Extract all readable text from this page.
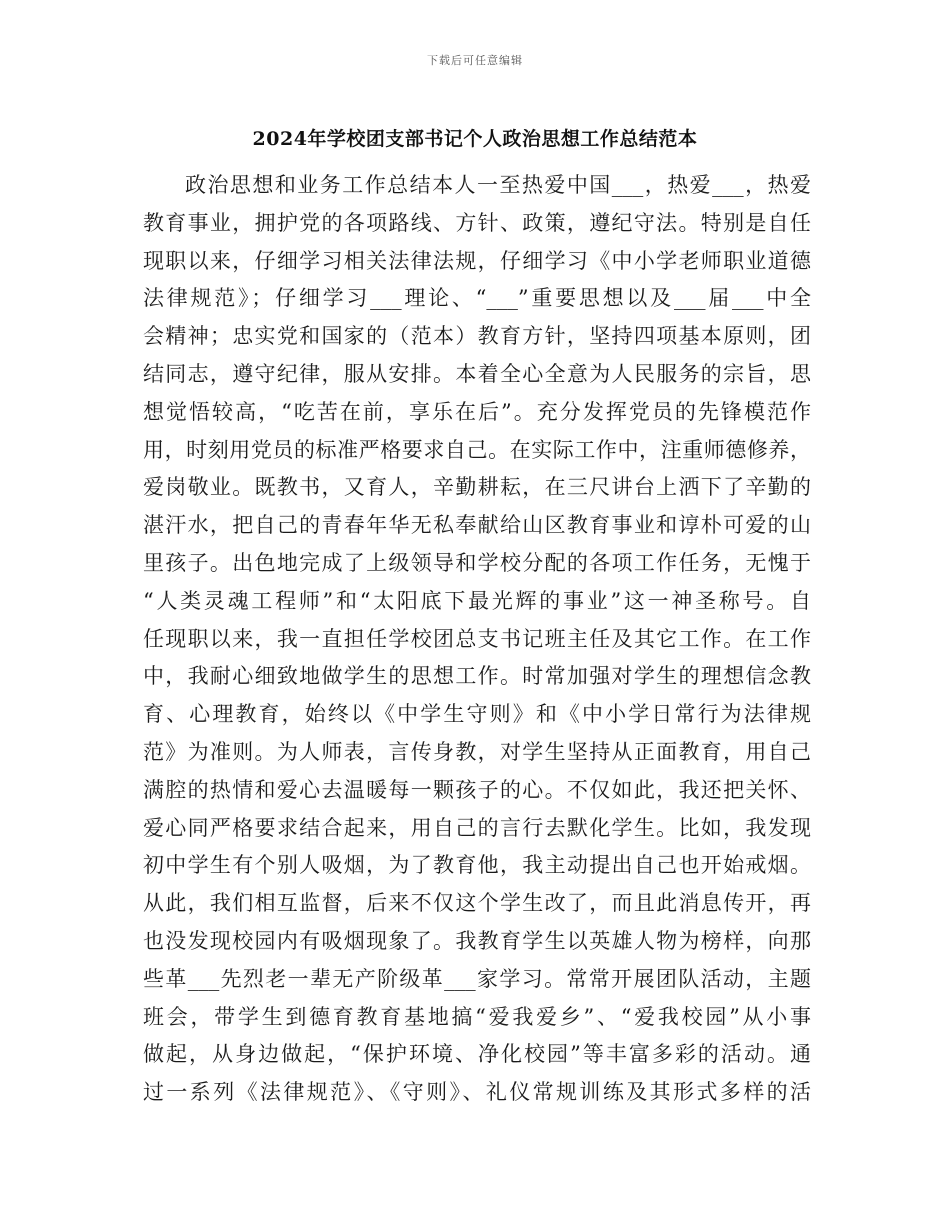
下载后可任意编辑
2024年学校团支部书记个人政治思想工作总结范本
政治思想和业务工作总结本人一至热爱中国___，热爱___，热爱
教育事业，拥护党的各项路线、方针、政策，遵纪守法。特别是自任
现职以来，仔细学习相关法律法规，仔细学习《中小学老师职业道德
法律规范》；仔细学习___理论、“___”重要思想以及___届___中全
会精神；忠实党和国家的（范本）教育方针，坚持四项基本原则，团
结同志，遵守纪律，服从安排。本着全心全意为人民服务的宗旨，思
想觉悟较高，“吃苦在前，享乐在后”。充分发挥党员的先锋模范作
用，时刻用党员的标准严格要求自己。在实际工作中，注重师德修养，
爱岗敬业。既教书，又育人，辛勤耕耘，在三尺讲台上洒下了辛勤的
湛汗水，把自己的青春年华无私奉献给山区教育事业和谆朴可爱的山
里孩子。出色地完成了上级领导和学校分配的各项工作任务，无愧于
“人类灵魂工程师”和“太阳底下最光辉的事业”这一神圣称号。自
任现职以来，我一直担任学校团总支书记班主任及其它工作。在工作
中，我耐心细致地做学生的思想工作。时常加强对学生的理想信念教
育、心理教育，始终以《中学生守则》和《中小学日常行为法律规
范》为准则。为人师表，言传身教，对学生坚持从正面教育，用自己
满腔的热情和爱心去温暖每一颗孩子的心。不仅如此，我还把关怀、
爱心同严格要求结合起来，用自己的言行去默化学生。比如，我发现
初中学生有个别人吸烟，为了教育他，我主动提出自己也开始戒烟。
从此，我们相互监督，后来不仅这个学生改了，而且此消息传开，再
也没发现校园内有吸烟现象了。我教育学生以英雄人物为榜样，向那
些革___先烈老一辈无产阶级革___家学习。常常开展团队活动，主题
班会，带学生到德育教育基地搞“爱我爱乡”、“爱我校园”从小事
做起，从身边做起，“保护环境、净化校园”等丰富多彩的活动。通
过一系列《法律规范》、《守则》、礼仪常规训练及其形式多样的活
